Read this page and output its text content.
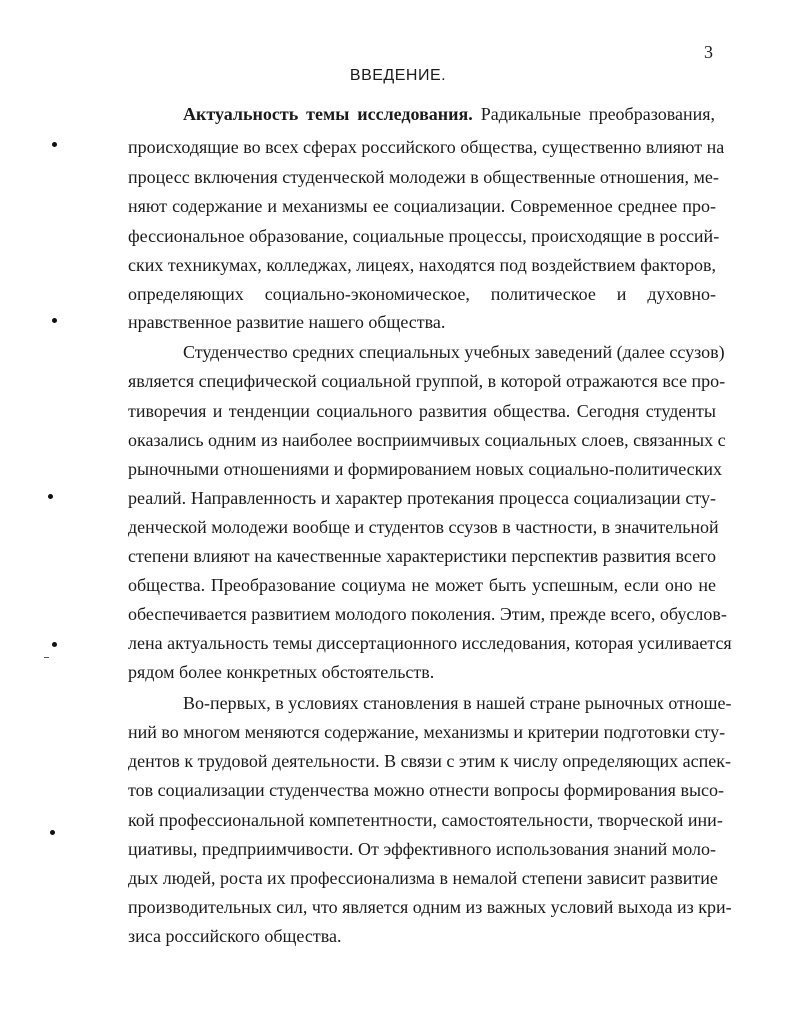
3
ВВЕДЕНИЕ.
Актуальность темы исследования. Радикальные преобразования,
происходящие во всех сферах российского общества, существенно влияют на
процесс включения студенческой молодежи в общественные отношения, ме-
няют содержание и механизмы ее социализации. Современное среднее про-
фессиональное образование, социальные процессы, происходящие в россий-
ских техникумах, колледжах, лицеях, находятся под воздействием факторов,
определяющих социально-экономическое, политическое и духовно-
нравственное развитие нашего общества.
Студенчество средних специальных учебных заведений (далее ссузов)
является специфической социальной группой, в которой отражаются все про-
тиворечия и тенденции социального развития общества. Сегодня студенты
оказались одним из наиболее восприимчивых социальных слоев, связанных с
рыночными отношениями и формированием новых социально-политических
реалий. Направленность и характер протекания процесса социализации сту-
денческой молодежи вообще и студентов ссузов в частности, в значительной
степени влияют на качественные характеристики перспектив развития всего
общества. Преобразование социума не может быть успешным, если оно не
обеспечивается развитием молодого поколения. Этим, прежде всего, обуслов-
лена актуальность темы диссертационного исследования, которая усиливается
рядом более конкретных обстоятельств.
Во-первых, в условиях становления в нашей стране рыночных отноше-
ний во многом меняются содержание, механизмы и критерии подготовки сту-
дентов к трудовой деятельности. В связи с этим к числу определяющих аспек-
тов социализации студенчества можно отнести вопросы формирования высо-
кой профессиональной компетентности, самостоятельности, творческой ини-
циативы, предприимчивости. От эффективного использования знаний моло-
дых людей, роста их профессионализма в немалой степени зависит развитие
производительных сил, что является одним из важных условий выхода из кри-
зиса российского общества.
